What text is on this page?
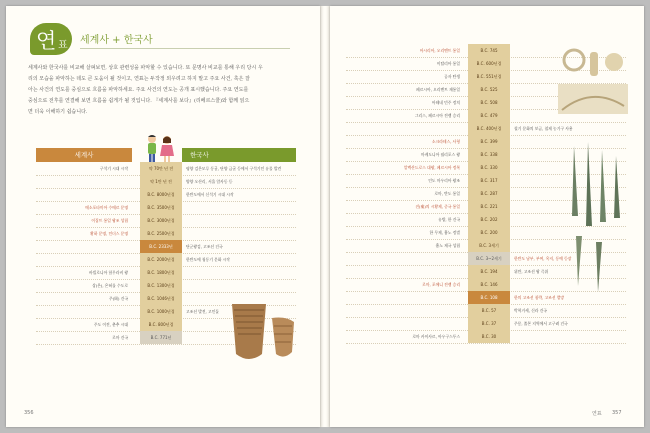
연 표 세계사 + 한국사
세계사와 한국사를 비교해 살펴보면, 상호 관련성을 파악할 수 있습니다. 또 문명사 비교를 통해 우리 당시 우
리의 모습을 파악하는 데도 큰 도움이 될 것이고, 연표는 두작정 외우려고 하지 말고 주요 사건, 혹은 잘
아는 사건의 연도를 중심으로 흐름을 파악하세요. 주요 사건의 연도는 공개 표시했습니다. 주요 연도를
중심으로 전후를 연결해 보면 흐름을 쉽게가 될 것입니다. 『세계사를 보다』(리베르스쿨)와 함께 읽으
면 더욱 이해하기 쉽습니다.
세계사	한국사
구석기 시대 시작	약 70만 년 전	평양 검은모루 동굴, 단양 금굴 등에서 구석기인 유물 발견
약 1만 년 전	양양 오산리, 서울 암사동 등
B.C. 8000년경	한반도에서 신석기 시대 시작
메소포타미아 수메르 문명	B.C. 3500년경
이집트 통일 왕조 성립	B.C. 3000년경
황하 문명, 인더스 문명	B.C. 2500년경
B.C. 2333년	단군왕검, 고조선 건국
B.C. 2000년경	한반도에 청동기 문화 시작
바빌로니아 함무라비 왕	B.C. 1800년경
상(은), 은허를 수도로	B.C. 1300년경
주(周) 건국	B.C. 1046년경
B.C. 1000년경	고조선 발전, 고인돌
주도 이전, 춘추 시대	B.C. 800년경
로마 건국	B.C. 771년
356
아시리아, 오리엔트 통일	B.C. 745
이탈리아 통일	B.C. 600년경
공자 탄생	B.C. 551년경
페르시아, 오리엔트 재통일	B.C. 525
아테네 민주 정치	B.C. 508
그리스, 페르시아 전쟁 승리	B.C. 479
B.C. 400년경	철기 문화의 보급, 철제 농기구 사용
소크라테스, 사형	B.C. 399
마케도니아 필리포스 왕	B.C. 338
알렉산드로스 대왕, 페르시아 정복	B.C. 330
인도 마우리아 왕조	B.C. 317
로마, 반도 통일	B.C. 287
진(秦)의 시황제, 중국 통일	B.C. 221
유방, 한 건국	B.C. 202
한 무제, 흉노 정벌	B.C. 200
흉노 제국 성립	B.C. 3세기
B.C. 3~2세기	한반도 남부, 부여, 옥저, 동예 등장
B.C. 194	위만, 고조선 왕 즉위
로마, 포에니 전쟁 승리	B.C. 146
B.C. 108	한의 고조선 침략, 고조선 멸망
B.C. 57	박혁거세, 신라 건국
B.C. 37	주몽, 졸본 지역에서 고구려 건국
로마 카이사르, 아우구스투스	B.C. 30
연표 357
